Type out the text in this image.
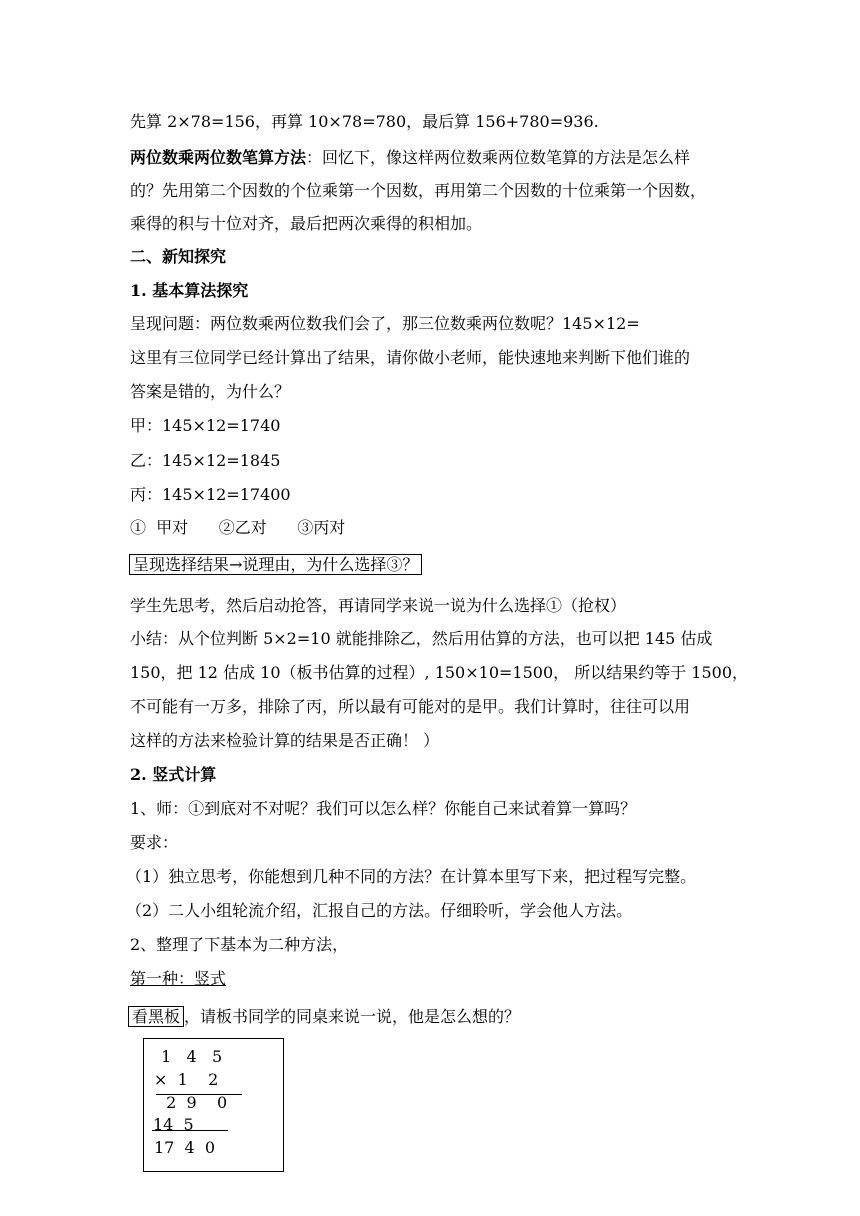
先算 2×78=156，再算 10×78=780，最后算 156+780=936.
两位数乘两位数笔算方法：回忆下，像这样两位数乘两位数笔算的方法是怎么样
的？先用第二个因数的个位乘第一个因数，再用第二个因数的十位乘第一个因数，
乘得的积与十位对齐，最后把两次乘得的积相加。
二、新知探究
1. 基本算法探究
呈现问题：两位数乘两位数我们会了，那三位数乘两位数呢？145×12=
这里有三位同学已经计算出了结果，请你做小老师，能快速地来判断下他们谁的
答案是错的，为什么？
甲：145×12=1740
乙：145×12=1845
丙：145×12=17400
①  甲对      ②乙对      ③丙对
呈现选择结果→说理由，为什么选择③？
学生先思考，然后启动抢答，再请同学来说一说为什么选择①（抢权）
小结：从个位判断 5×2=10 就能排除乙，然后用估算的方法，也可以把 145 估成
150，把 12 估成 10（板书估算的过程）, 150×10=1500， 所以结果约等于 1500，
不可能有一万多，排除了丙，所以最有可能对的是甲。我们计算时，往往可以用
这样的方法来检验计算的结果是否正确！ ）
2. 竖式计算
1、师：①到底对不对呢？我们可以怎么样？你能自己来试着算一算吗？
要求：
（1）独立思考，你能想到几种不同的方法？在计算本里写下来，把过程写完整。
（2）二人小组轮流介绍，汇报自己的方法。仔细聆听，学会他人方法。
2、整理了下基本为二种方法，
第一种：竖式
看黑板 ，请板书同学的同桌来说一说，他是怎么想的？
1   4   5
×  1    2
2  9    0
14  5
17  4  0
